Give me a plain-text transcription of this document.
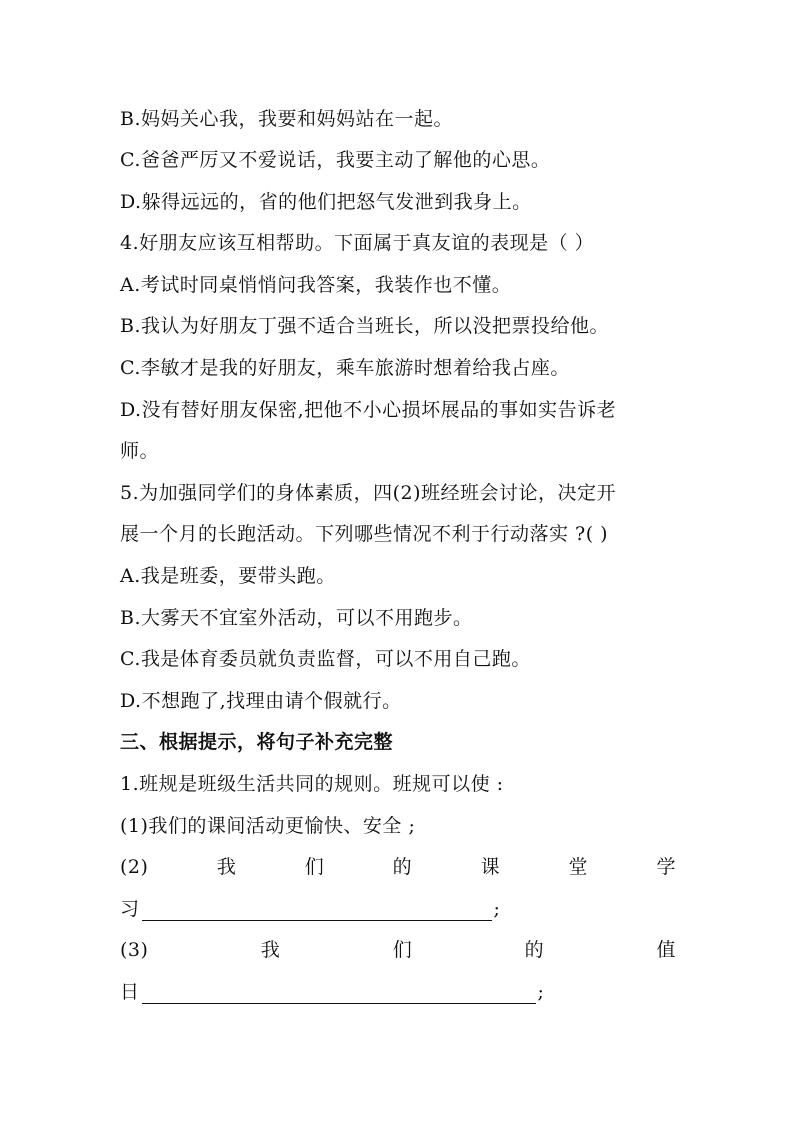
B.妈妈关心我，我要和妈妈站在一起。
C.爸爸严厉又不爱说话，我要主动了解他的心思。
D.躲得远远的，省的他们把怒气发泄到我身上。
4.好朋友应该互相帮助。下面属于真友谊的表现是（ ）
A.考试时同桌悄悄问我答案，我装作也不懂。
B.我认为好朋友丁强不适合当班长，所以没把票投给他。
C.李敏才是我的好朋友，乘车旅游时想着给我占座。
D.没有替好朋友保密,把他不小心损坏展品的事如实告诉老
师。
5.为加强同学们的身体素质，四(2)班经班会讨论，决定开
展一个月的长跑活动。下列哪些情况不利于行动落实 ?( )
A.我是班委，要带头跑。
B.大雾天不宜室外活动，可以不用跑步。
C.我是体育委员就负责监督，可以不用自己跑。
D.不想跑了,找理由请个假就行。
三、根据提示，将句子补充完整
1.班规是班级生活共同的规则。班规可以使 :
(1)我们的课间活动更愉快、安全 ;
(2)	我	们	的	课	堂	学
习	;
(3)	我	们	的	值
日	;
